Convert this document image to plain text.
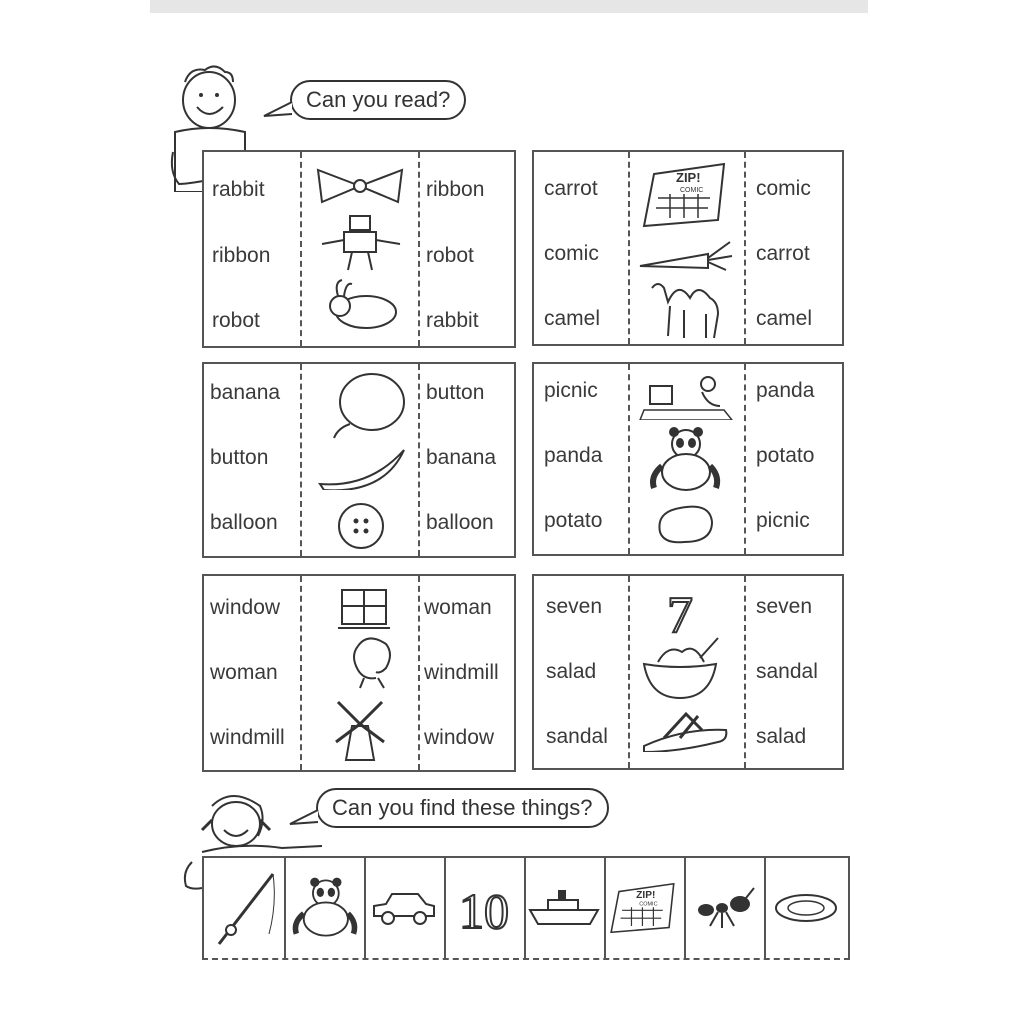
Can you read?
rabbit
ribbon
robot
ribbon
robot
rabbit
carrot
comic
camel
comic
carrot
camel
ZIP!
COMIC
banana
button
balloon
button
banana
balloon
picnic
panda
potato
panda
potato
picnic
window
woman
windmill
woman
windmill
window
seven
salad
sandal
seven
sandal
salad
7
Can you find these things?
10	ZIP!
COMIC
